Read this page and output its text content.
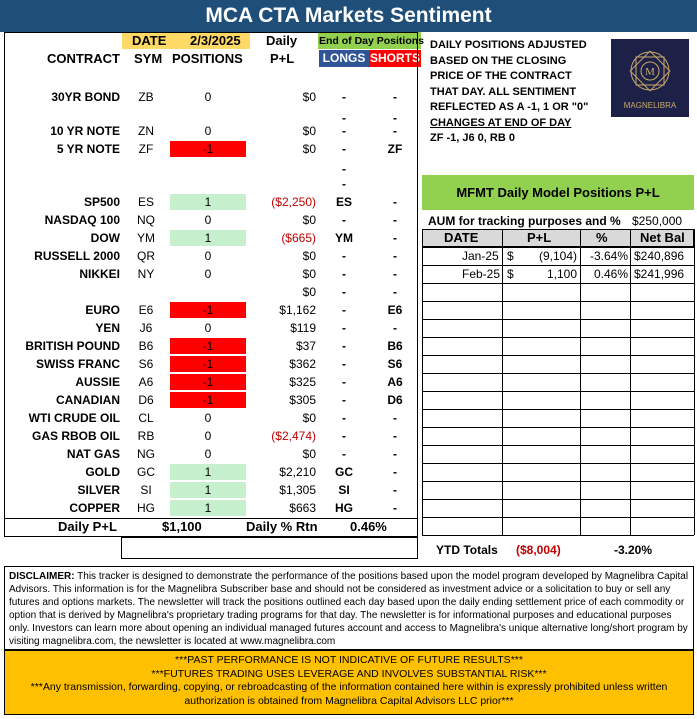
MCA CTA Markets Sentiment
DATE 2/3/2025 Daily End of Day Positions
CONTRACT SYM POSITIONS P+L	LONGS SHORTS
30YR BOND	ZB	0	$0	-	-
-	-
10 YR NOTE	ZN	0	$0	-	-
5 YR NOTE	ZF	-1	$0	-	ZF
-
-
SP500	ES	1	($2,250)	ES	-
NASDAQ 100	NQ	0	$0	-	-
DOW	YM	1	($665)	YM	-
RUSSELL 2000	QR	0	$0	-	-
NIKKEI	NY	0	$0	-	-
$0	-	-
EURO	E6	-1	$1,162	-	E6
YEN	J6	0	$119	-	-
BRITISH POUND	B6	-1	$37	-	B6
SWISS FRANC	S6	-1	$362	-	S6
AUSSIE	A6	-1	$325	-	A6
CANADIAN	D6	-1	$305	-	D6
WTI CRUDE OIL	CL	0	$0	-	-
GAS RBOB OIL	RB	0	($2,474)	-	-
NAT GAS	NG	0	$0	-	-
GOLD	GC	1	$2,210	GC	-
SILVER	SI	1	$1,305	SI	-
COPPER	HG	1	$663	HG	-
Daily P+L	$1,100	Daily % Rtn 0.46%
DAILY POSITIONS ADJUSTED
BASED ON THE CLOSING
PRICE OF THE CONTRACT
THAT DAY. ALL SENTIMENT
REFLECTED AS A -1, 1 OR "0"
CHANGES AT END OF DAY
ZF -1, J6 0, RB 0
M
MAGNELIBRA
MFMT Daily Model Positions P+L
AUM for tracking purposes and % $250,000
DATE	P+L	% Net Bal
Jan-25 $	(9,104)	-3.64% $240,896
Feb-25 $	1,100	0.46% $241,996
YTD Totals ($8,004)	-3.20%
DISCLAIMER: This tracker is designed to demonstrate the performance of the positions based upon the model program developed by Magnelibra Capital Advisors. This information is for the Magnelibra Subscriber base and should not be considered as investment advice or a solicitation to buy or sell any futures and options markets. The newsletter will track the positions outlined each day based upon the daily ending settlement price of each commodity or option that is derived by Magnelibra's proprietary trading programs for that day. The newsletter is for informational purposes and educational purposes only. Investors can learn more about opening an individual managed futures account and access to Magnelibra's unique alternative long/short program by visiting magnelibra.com, the newsletter is located at www.magnelibra.com
***PAST PERFORMANCE IS NOT INDICATIVE OF FUTURE RESULTS***
***FUTURES TRADING USES LEVERAGE AND INVOLVES SUBSTANTIAL RISK***
***Any transmission, forwarding, copying, or rebroadcasting of the information contained here within is expressly prohibited unless written authorization is obtained from Magnelibra Capital Advisors LLC prior***
